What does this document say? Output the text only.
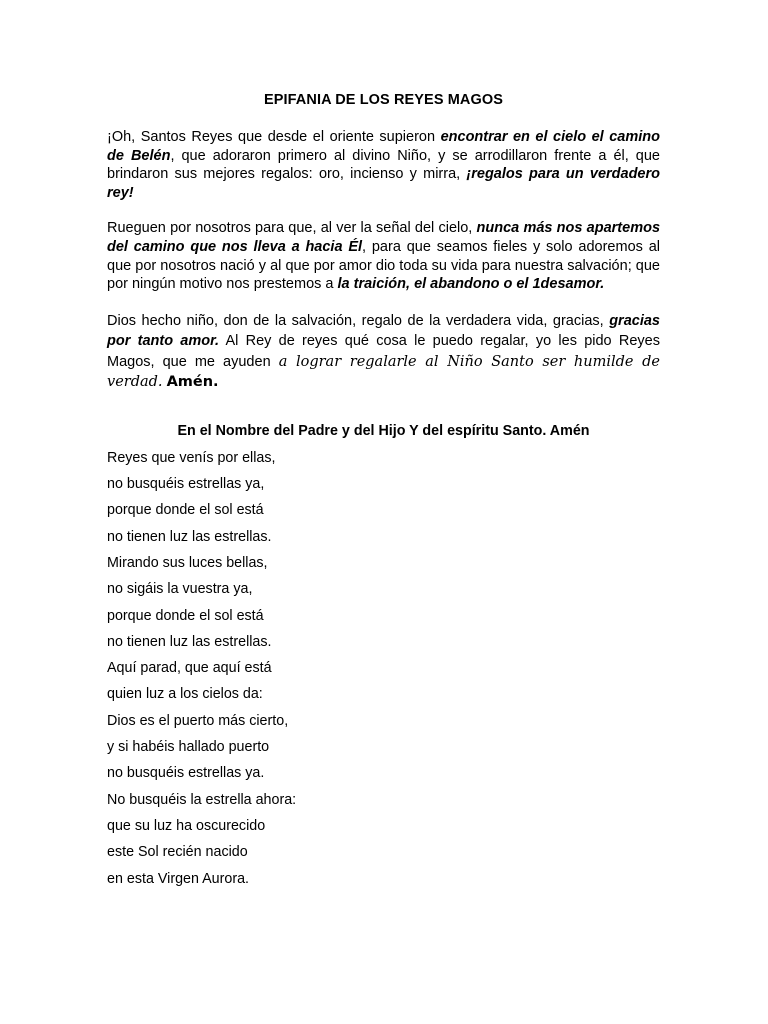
EPIFANIA DE LOS REYES MAGOS

¡Oh, Santos Reyes que desde el oriente supieron encontrar en el cielo el camino de Belén, que adoraron primero al divino Niño, y se arrodillaron frente a él, que brindaron sus mejores regalos: oro, incienso y mirra, ¡regalos para un verdadero rey!

Rueguen por nosotros para que, al ver la señal del cielo, nunca más nos apartemos del camino que nos lleva a hacia Él, para que seamos fieles y solo adoremos al que por nosotros nació y al que por amor dio toda su vida para nuestra salvación; que por ningún motivo nos prestemos a la traición, el abandono o el 1desamor.

Dios hecho niño, don de la salvación, regalo de la verdadera vida, gracias, gracias por tanto amor. Al Rey de reyes qué cosa le puedo regalar, yo les pido Reyes Magos, que me ayuden a lograr regalarle al Niño Santo ser humilde de verdad. Amén.

En el Nombre del Padre y del Hijo Y del espíritu Santo. Amén

Reyes que venís por ellas,
no busquéis estrellas ya,
porque donde el sol está
no tienen luz las estrellas.
Mirando sus luces bellas,
no sigáis la vuestra ya,
porque donde el sol está
no tienen luz las estrellas.
Aquí parad, que aquí está
quien luz a los cielos da:
Dios es el puerto más cierto,
y si habéis hallado puerto
no busquéis estrellas ya.
No busquéis la estrella ahora:
que su luz ha oscurecido
este Sol recién nacido
en esta Virgen Aurora.
